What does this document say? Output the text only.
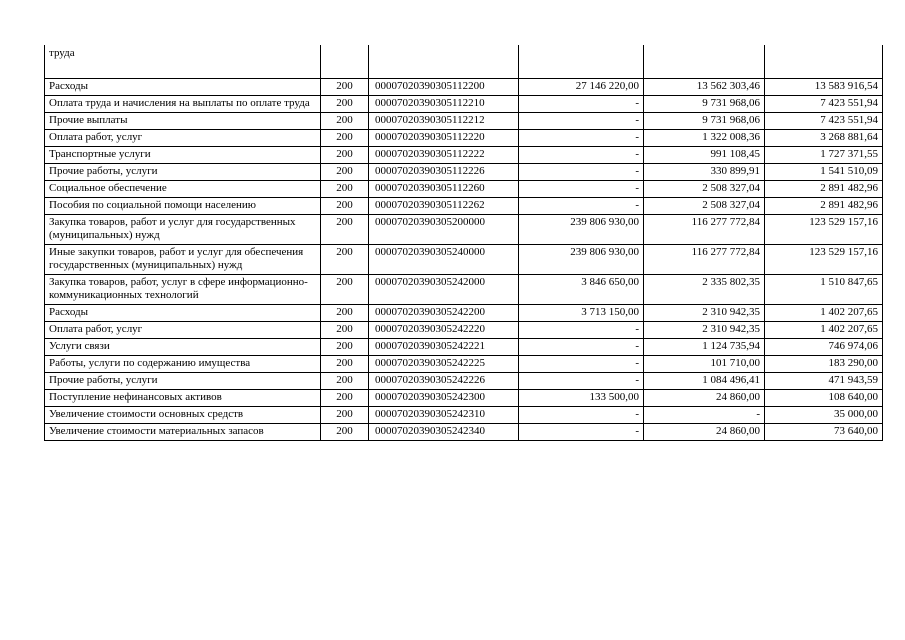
труда					
Расходы	200	00007020390305112200	27 146 220,00	13 562 303,46	13 583 916,54
Оплата труда и начисления на выплаты по оплате труда	200	00007020390305112210	-	9 731 968,06	7 423 551,94
Прочие выплаты	200	00007020390305112212	-	9 731 968,06	7 423 551,94
Оплата работ, услуг	200	00007020390305112220	-	1 322 008,36	3 268 881,64
Транспортные услуги	200	00007020390305112222	-	991 108,45	1 727 371,55
Прочие работы, услуги	200	00007020390305112226	-	330 899,91	1 541 510,09
Социальное обеспечение	200	00007020390305112260	-	2 508 327,04	2 891 482,96
Пособия по социальной помощи населению	200	00007020390305112262	-	2 508 327,04	2 891 482,96
Закупка товаров, работ и услуг для государственных (муниципальных) нужд	200	00007020390305200000	239 806 930,00	116 277 772,84	123 529 157,16
Иные закупки товаров, работ и услуг для обеспечения государственных (муниципальных) нужд	200	00007020390305240000	239 806 930,00	116 277 772,84	123 529 157,16
Закупка товаров, работ, услуг в сфере информационно-коммуникационных технологий	200	00007020390305242000	3 846 650,00	2 335 802,35	1 510 847,65
Расходы	200	00007020390305242200	3 713 150,00	2 310 942,35	1 402 207,65
Оплата работ, услуг	200	00007020390305242220	-	2 310 942,35	1 402 207,65
Услуги связи	200	00007020390305242221	-	1 124 735,94	746 974,06
Работы, услуги по содержанию имущества	200	00007020390305242225	-	101 710,00	183 290,00
Прочие работы, услуги	200	00007020390305242226	-	1 084 496,41	471 943,59
Поступление нефинансовых активов	200	00007020390305242300	133 500,00	24 860,00	108 640,00
Увеличение стоимости основных средств	200	00007020390305242310	-	-	35 000,00
Увеличение стоимости материальных запасов	200	00007020390305242340	-	24 860,00	73 640,00
